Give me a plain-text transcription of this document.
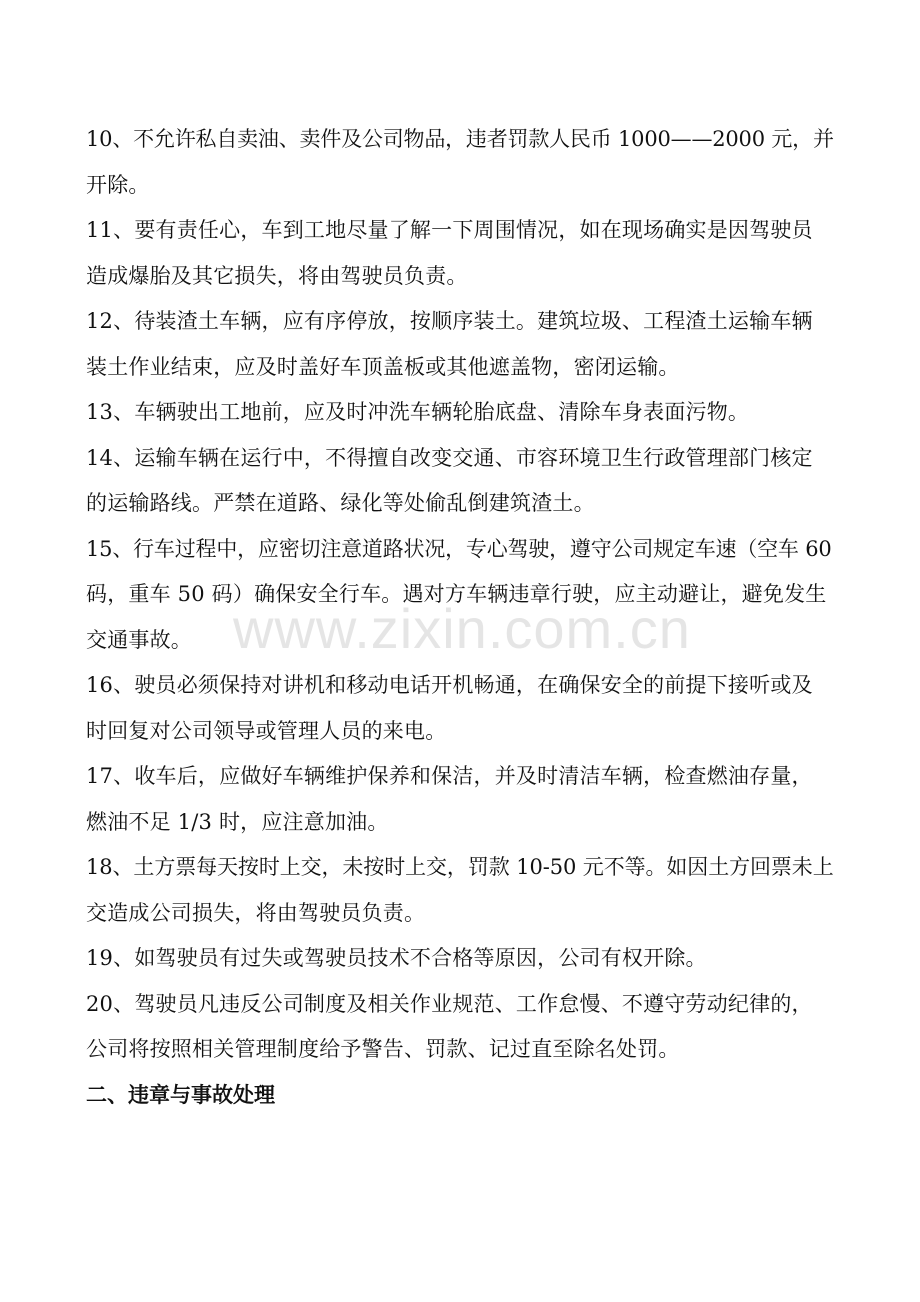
www.zixin.com.cn

10、不允许私自卖油、卖件及公司物品，违者罚款人民币 1000——2000 元，并
开除。

11、要有责任心，车到工地尽量了解一下周围情况，如在现场确实是因驾驶员
造成爆胎及其它损失，将由驾驶员负责。

12、待装渣土车辆，应有序停放，按顺序装土。建筑垃圾、工程渣土运输车辆
装土作业结束，应及时盖好车顶盖板或其他遮盖物，密闭运输。

13、车辆驶出工地前，应及时冲洗车辆轮胎底盘、清除车身表面污物。

14、运输车辆在运行中，不得擅自改变交通、市容环境卫生行政管理部门核定
的运输路线。严禁在道路、绿化等处偷乱倒建筑渣土。

15、行车过程中，应密切注意道路状况，专心驾驶，遵守公司规定车速（空车 60
码，重车 50 码）确保安全行车。遇对方车辆违章行驶，应主动避让，避免发生
交通事故。

16、驶员必须保持对讲机和移动电话开机畅通，在确保安全的前提下接听或及
时回复对公司领导或管理人员的来电。

17、收车后，应做好车辆维护保养和保洁，并及时清洁车辆，检查燃油存量，
燃油不足 1/3 时，应注意加油。

18、土方票每天按时上交，未按时上交，罚款 10-50 元不等。如因土方回票未上
交造成公司损失，将由驾驶员负责。

19、如驾驶员有过失或驾驶员技术不合格等原因，公司有权开除。

20、驾驶员凡违反公司制度及相关作业规范、工作怠慢、不遵守劳动纪律的，
公司将按照相关管理制度给予警告、罚款、记过直至除名处罚。

二、违章与事故处理
